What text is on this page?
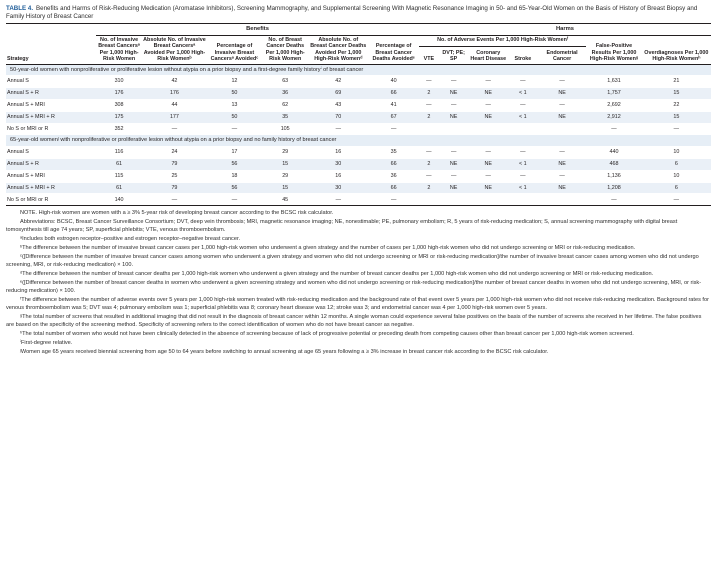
TABLE 4. Benefits and Harms of Risk-Reducing Medication (Aromatase Inhibitors), Screening Mammography, and Supplemental Screening With Magnetic Resonance Imaging in 50- and 65-Year-Old Women on the Basis of History of Breast Biopsy and Family History of Breast Cancer
	Benefits						Harms						
Strategy	No. of Invasive Breast Cancersᵃ Per 1,000 High-Risk Women	Absolute No. of Invasive Breast Cancersᵃ Avoided Per 1,000 High-Risk Womenᵇ	Percentage of Invasive Breast Cancersᵃ Avoidedᶜ	No. of Breast Cancer Deaths Per 1,000 High-Risk Women	Absolute No. of Breast Cancer Deaths Avoided Per 1,000 High-Risk Womenᵈ	Percentage of Breast Cancer Deaths Avoidedᵉ	No. of Adverse Events Per 1,000 High-Risk Womenᶠ					False-Positive Results Per 1,000 High-Risk Womenᵍ	Overdiagnoses Per 1,000 High-Risk Womenʰ
							VTE	DVT; PE; SP	Coronary Heart Disease	Stroke	Endometrial Cancer		
50-year-old women with nonproliferative or proliferative lesion without atypia on a prior biopsy and a first-degree family historyⁱ of breast cancer													
Annual S	310	42	12	63	42	40	—	—	—	—	—	1,631	21
Annual S + R	176	176	50	36	69	66	2	NE	NE	< 1	NE	1,757	15
Annual S + MRI	308	44	13	62	43	41	—	—	—	—	—	2,692	22
Annual S + MRI + R	175	177	50	35	70	67	2	NE	NE	< 1	NE	2,912	15
No S or MRI or R	352	—	—	105	—	—						—	—
65-year-old womenʲ with nonproliferative or proliferative lesion without atypia on a prior biopsy and no family history of breast cancer													
Annual S	116	24	17	29	16	35	—	—	—	—	—	440	10
Annual S + R	61	79	56	15	30	66	2	NE	NE	< 1	NE	468	6
Annual S + MRI	115	25	18	29	16	36	—	—	—	—	—	1,136	10
Annual S + MRI + R	61	79	56	15	30	66	2	NE	NE	< 1	NE	1,208	6
No S or MRI or R	140	—	—	45	—	—						—	—

NOTE. High-risk women are women with a ≥ 3% 5-year risk of developing breast cancer according to the BCSC risk calculator.

Abbreviations: BCSC, Breast Cancer Surveillance Consortium; DVT, deep vein thrombosis; MRI, magnetic resonance imaging; NE, nonestimable; PE, pulmonary embolism; R, 5 years of risk-reducing medication; S, annual screening mammography with digital breast tomosynthesis till age 74 years; SP, superficial phlebitis; VTE, venous thromboembolism.

ᵃIncludes both estrogen receptor–positive and estrogen receptor–negative breast cancer.

ᵇThe difference between the number of invasive breast cancer cases per 1,000 high-risk women who underwent a given strategy and the number of cases per 1,000 high-risk women who did not undergo screening or MRI or risk-reducing medication.

ᶜ([Difference between the number of invasive breast cancer cases among women who underwent a given strategy and women who did not undergo screening or MRI or risk-reducing medication]/the number of invasive breast cancer cases among women who did not undergo screening, MRI, or risk-reducing medication) × 100.

ᵈThe difference between the number of breast cancer deaths per 1,000 high-risk women who underwent a given strategy and the number of breast cancer deaths per 1,000 high-risk women who did not undergo screening or MRI or risk-reducing medication.

ᵉ([Difference between the number of breast cancer deaths in women who underwent a given screening strategy and women who did not undergo screening or risk-reducing medication]/the number of breast cancer deaths in women who did not undergo screening, MRI, or risk-reducing medication) × 100.

ᶠThe difference between the number of adverse events over 5 years per 1,000 high-risk women treated with risk-reducing medication and the background rate of that event over 5 years per 1,000 high-risk women who did not receive risk-reducing medication. Background rates for venous thromboembolism was 5; DVT was 4; pulmonary embolism was 1; superficial phlebitis was 8; coronary heart disease was 12; stroke was 3; and endometrial cancer was 4 per 1,000 high-risk women over 5 years.

ᵍThe total number of screens that resulted in additional imaging that did not result in the diagnosis of breast cancer within 12 months. A single woman could experience several false positives on the basis of the number of screens she received in her lifetime. The false positives are based on the specificity of the screening method. Specificity of screening refers to the correct identification of women who do not have breast cancer as negative.

ʰThe total number of women who would not have been clinically detected in the absence of screening because of lack of progressive potential or preceding death from competing causes other than breast cancer per 1,000 high-risk women screened.

ⁱFirst-degree relative.

ʲWomen age 65 years received biennial screening from age 50 to 64 years before switching to annual screening at age 65 years following a ≥ 3% increase in breast cancer risk according to the BCSC risk calculator.
